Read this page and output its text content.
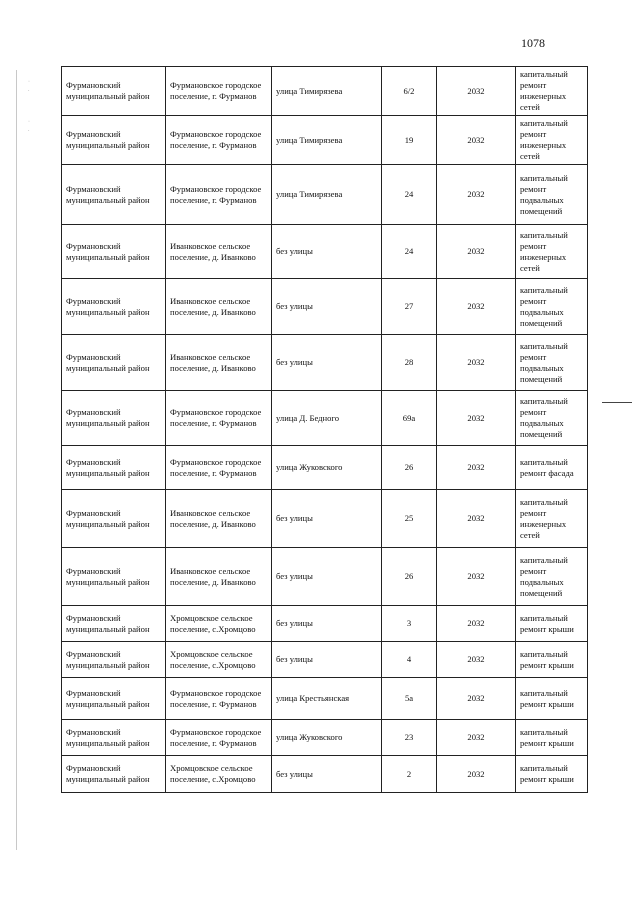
1078
·
.

·
.
Фурмановский муниципальный район	Фурмановское городское поселение, г. Фурманов	улица Тимирязева	6/2	2032	капитальный ремонт инженерных сетей
Фурмановский муниципальный район	Фурмановское городское поселение, г. Фурманов	улица Тимирязева	19	2032	капитальный ремонт инженерных сетей
Фурмановский муниципальный район	Фурмановское городское поселение, г. Фурманов	улица Тимирязева	24	2032	капитальный ремонт подвальных помещений
Фурмановский муниципальный район	Иванковское сельское поселение, д. Иванково	без улицы	24	2032	капитальный ремонт инженерных сетей
Фурмановский муниципальный район	Иванковское сельское поселение, д. Иванково	без улицы	27	2032	капитальный ремонт подвальных помещений
Фурмановский муниципальный район	Иванковское сельское поселение, д. Иванково	без улицы	28	2032	капитальный ремонт подвальных помещений
Фурмановский муниципальный район	Фурмановское городское поселение, г. Фурманов	улица Д. Бедного	69а	2032	капитальный ремонт подвальных помещений
Фурмановский муниципальный район	Фурмановское городское поселение, г. Фурманов	улица Жуковского	26	2032	капитальный ремонт фасада
Фурмановский муниципальный район	Иванковское сельское поселение, д. Иванково	без улицы	25	2032	капитальный ремонт инженерных сетей
Фурмановский муниципальный район	Иванковское сельское поселение, д. Иванково	без улицы	26	2032	капитальный ремонт подвальных помещений
Фурмановский муниципальный район	Хромцовское сельское поселение, с.Хромцово	без улицы	3	2032	капитальный ремонт крыши
Фурмановский муниципальный район	Хромцовское сельское поселение, с.Хромцово	без улицы	4	2032	капитальный ремонт крыши
Фурмановский муниципальный район	Фурмановское городское поселение, г. Фурманов	улица Крестьянская	5а	2032	капитальный ремонт крыши
Фурмановский муниципальный район	Фурмановское городское поселение, г. Фурманов	улица Жуковского	23	2032	капитальный ремонт крыши
Фурмановский муниципальный район	Хромцовское сельское поселение, с.Хромцово	без улицы	2	2032	капитальный ремонт крыши
